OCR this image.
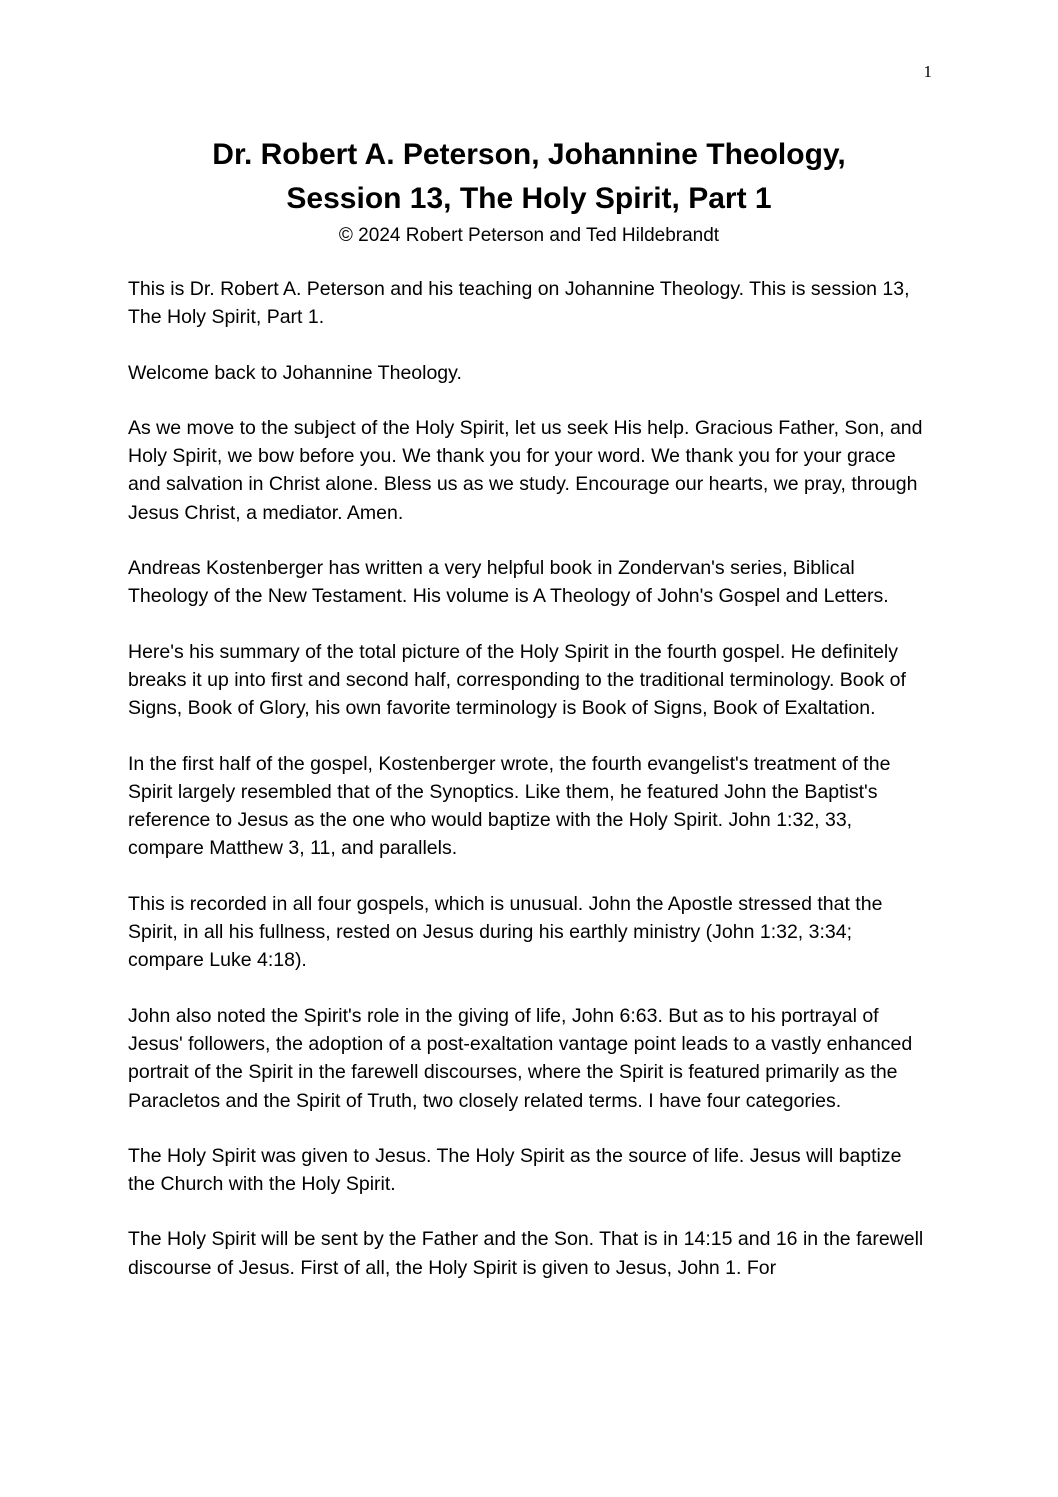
1
Dr. Robert A. Peterson, Johannine Theology,
Session 13, The Holy Spirit, Part 1
© 2024 Robert Peterson and Ted Hildebrandt

This is Dr. Robert A. Peterson and his teaching on Johannine Theology. This is session 13, The Holy Spirit, Part 1.

Welcome back to Johannine Theology.

As we move to the subject of the Holy Spirit, let us seek His help. Gracious Father, Son, and Holy Spirit, we bow before you. We thank you for your word. We thank you for your grace and salvation in Christ alone. Bless us as we study. Encourage our hearts, we pray, through Jesus Christ, a mediator. Amen.

Andreas Kostenberger has written a very helpful book in Zondervan's series, Biblical Theology of the New Testament. His volume is A Theology of John's Gospel and Letters.

Here's his summary of the total picture of the Holy Spirit in the fourth gospel. He definitely breaks it up into first and second half, corresponding to the traditional terminology. Book of Signs, Book of Glory, his own favorite terminology is Book of Signs, Book of Exaltation.

In the first half of the gospel, Kostenberger wrote, the fourth evangelist's treatment of the Spirit largely resembled that of the Synoptics. Like them, he featured John the Baptist's reference to Jesus as the one who would baptize with the Holy Spirit. John 1:32, 33, compare Matthew 3, 11, and parallels.

This is recorded in all four gospels, which is unusual. John the Apostle stressed that the Spirit, in all his fullness, rested on Jesus during his earthly ministry (John 1:32, 3:34; compare Luke 4:18).

John also noted the Spirit's role in the giving of life, John 6:63. But as to his portrayal of Jesus' followers, the adoption of a post-exaltation vantage point leads to a vastly enhanced portrait of the Spirit in the farewell discourses, where the Spirit is featured primarily as the Paracletos and the Spirit of Truth, two closely related terms. I have four categories.

The Holy Spirit was given to Jesus. The Holy Spirit as the source of life. Jesus will baptize the Church with the Holy Spirit.

The Holy Spirit will be sent by the Father and the Son. That is in 14:15 and 16 in the farewell discourse of Jesus. First of all, the Holy Spirit is given to Jesus, John 1. For
